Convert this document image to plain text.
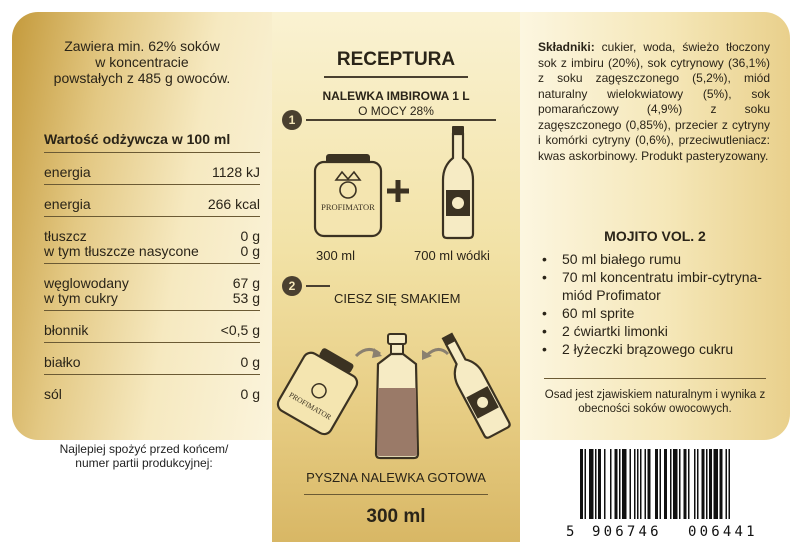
Zawiera min. 62% soków
w koncentracie
powstałych z 485 g owoców.
Wartość odżywcza w 100 ml
energia	1128 kJ
energia	266 kcal
tłuszcz	0 g
w tym tłuszcze nasycone	0 g
węglowodany	67 g
w tym cukry	53 g
błonnik	<0,5 g
białko	0 g
sól	0 g
RECEPTURA
NALEWKA IMBIROWA 1 L
O MOCY 28%
1
PROFIMATOR
300 ml	700 ml wódki
2
CIESZ SIĘ SMAKIEM
PROFIMATOR
PYSZNA NALEWKA GOTOWA
300 ml
Składniki: cukier, woda, świeżo tłoczony sok z imbiru (20%), sok cytrynowy (36,1%) z soku zagęszczonego (5,2%), miód naturalny wielokwiatowy (5%), sok pomarańczowy (4,9%) z soku zagęszczonego (0,85%), przecier z cytryny i komórki cytryny (0,6%), przeciwutleniacz: kwas askorbinowy. Produkt pasteryzowany.
MOJITO VOL. 2
• 50 ml białego rumu
• 70 ml koncentratu imbir-cytryna-miód Profimator
• 60 ml sprite
• 2 ćwiartki limonki
• 2 łyżeczki brązowego cukru
Osad jest zjawiskiem naturalnym i wynika z obecności soków owocowych.
Najlepiej spożyć przed końcem/
numer partii produkcyjnej:
5 906746 006441
